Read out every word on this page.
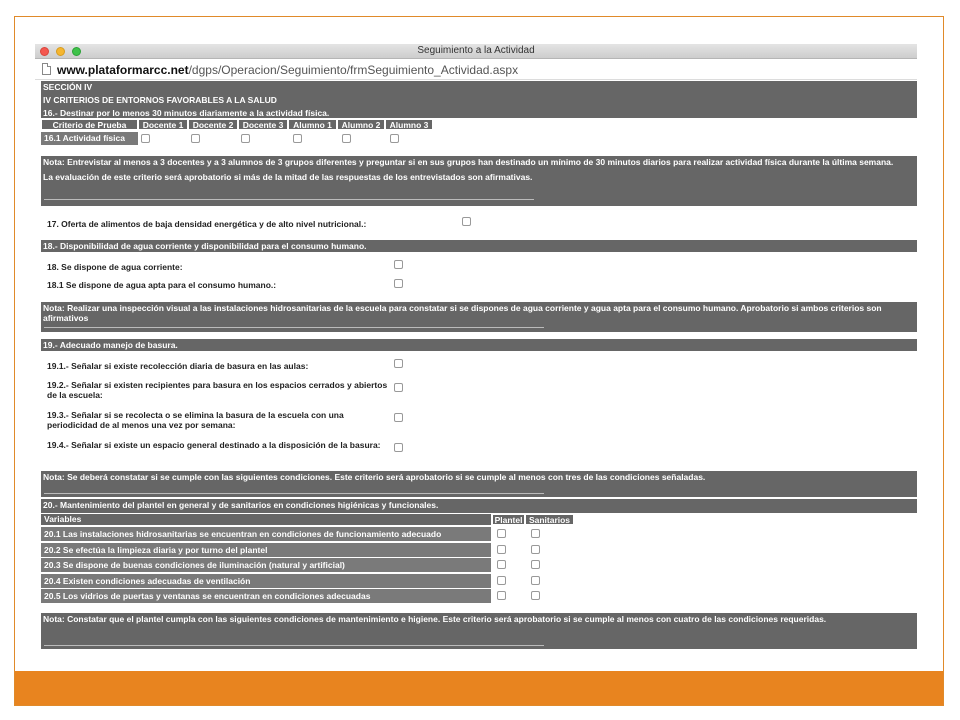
Seguimiento a la Actividad
www.plataformarcc.net/dgps/Operacion/Seguimiento/frmSeguimiento_Actividad.aspx
SECCIÓN IV
IV CRITERIOS DE ENTORNOS FAVORABLES A LA SALUD
16.- Destinar por lo menos 30 minutos diariamente a la actividad física.
Criterio de Prueba	Docente 1	Docente 2	Docente 3	Alumno 1	Alumno 2	Alumno 3
16.1 Actividad física
Nota: Entrevistar al menos a 3 docentes y a 3 alumnos de 3 grupos diferentes y preguntar si en sus grupos han destinado un mínimo de 30 minutos diarios para realizar actividad física durante la última semana.
La evaluación de este criterio será aprobatorio si más de la mitad de las respuestas de los entrevistados son afirmativas.
17. Oferta de alimentos de baja densidad energética y de alto nivel nutricional.:
18.- Disponibilidad de agua corriente y disponibilidad para el consumo humano.
18. Se dispone de agua corriente:
18.1 Se dispone de agua apta para el consumo humano.:
Nota: Realizar una inspección visual a las instalaciones hidrosanitarias de la escuela para constatar si se dispones de agua corriente y agua apta para el consumo humano. Aprobatorio si ambos criterios son afirmativos
19.- Adecuado manejo de basura.
19.1.- Señalar si existe recolección diaria de basura en las aulas:
19.2.- Señalar si existen recipientes para basura en los espacios cerrados y abiertos de la escuela:
19.3.- Señalar si se recolecta o se elimina la basura de la escuela con una periodicidad de al menos una vez por semana:
19.4.- Señalar si existe un espacio general destinado a la disposición de la basura:
Nota: Se deberá constatar si se cumple con las siguientes condiciones. Este criterio será aprobatorio si se cumple al menos con tres de las condiciones señaladas.
20.- Mantenimiento del plantel en general y de sanitarios en condiciones higiénicas y funcionales.
Variables	Plantel Sanitarios
20.1 Las instalaciones hidrosanitarias se encuentran en condiciones de funcionamiento adecuado
20.2 Se efectúa la limpieza diaria y por turno del plantel
20.3 Se dispone de buenas condiciones de iluminación (natural y artificial)
20.4 Existen condiciones adecuadas de ventilación
20.5 Los vidrios de puertas y ventanas se encuentran en condiciones adecuadas
Nota: Constatar que el plantel cumpla con las siguientes condiciones de mantenimiento e higiene. Este criterio será aprobatorio si se cumple al menos con cuatro de las condiciones requeridas.
